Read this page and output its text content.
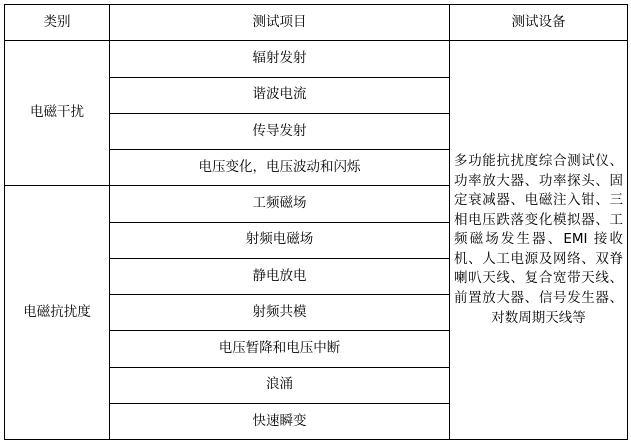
类别	测试项目	测试设备
电磁干扰	辐射发射	多功能抗扰度综合测试仪、功率放大器、功率探头、固定衰减器、电磁注入钳、三相电压跌落变化模拟器、工频磁场发生器、EMI 接收机、人工电源及网络、双脊喇叭天线、复合宽带天线、前置放大器、信号发生器、对数周期天线等

	谐波电流	
	传导发射	
	电压变化，电压波动和闪烁	
电磁抗扰度	工频磁场	
	射频电磁场	
	静电放电	
	射频共模	
	电压暂降和电压中断	
	浪涌	
	快速瞬变	
